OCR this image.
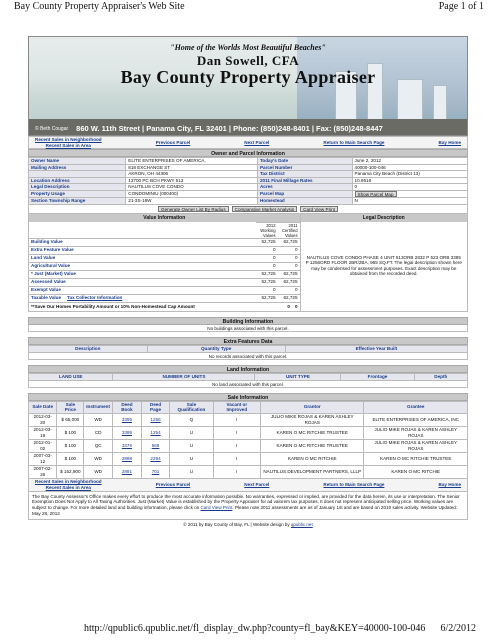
Bay County Property Appraiser's Web Site	Page 1 of 1
"Home of the Worlds Most Beautiful Beaches"
Dan Sowell, CFA
Bay County Property Appraiser
© Beth Cougar 860 W. 11th Street | Panama City, FL 32401 | Phone: (850)248-8401 | Fax: (850)248-8447
Recent Sales in Neighborhood
Recent Sales in Area
Previous Parcel	Next Parcel	Return to Main Search Page	Bay Home
Owner and Parcel Information
Owner Name	ELITE ENTERPRISES OF AMERICA,	Today's Date	June 2, 2012
Mailing Address	818 EXCHANGE ST	Parcel Number	40000-100-046
	AKRON, OH 44306	Tax District	Panama City Beach (District 13)
Location Address	13700 PC BCH PKWY 513	2011 Final Millage Rates	10.9518
Legal Description	NAUTILUS COVE CONDO	Acres	0
Property Usage	CONDOMINIU (000400)	Parcel Map	Show Parcel Map
Section Township Range	21-3S-16W	Homestead	N
Generate Owner List By Radius	Comparative Market Analysis	Card View Print
Value Information
	2012 Working Values	2011 Certified Values
Building Value	62,725	62,725
Extra Feature Value	0	0
Land Value	0	0
Agricultural Value	0	0
* Just (Market) Value	62,725	62,725
Assessed Value	62,725	62,725
Exempt Value	0	0
Taxable Value Tax Collector Information	62,725	62,725
**Save Our Homes Portability Amount or 10% Non-Homestead Cap Amount	0 0
Legal Description
NAUTILUS COVE CONDO PHASE 4 UNIT 513ORB 2832 P 523 ORB 3395 P 1256ORD FLOOR 2BR/2BA, 965 SQ.FT. The legal description shown here may be condensed for assessment purposes. Exact description may be obtained from the recorded deed.
Building Information
No buildings associated with this parcel.
Extra Features Data
Description	Quantity Type	Effective Year Built
No records associated with this parcel.
Land Information
LAND USE	NUMBER OF UNITS	UNIT TYPE	Frontage	Depth
No land associated with this parcel.
Sale Information
Sale Date	Sale Price	Instrument	Deed Book	Deed Page	Sale Qualification	Vacant or Improved	Grantor	Grantee
2012-03-20	$ 65,000	WD	3395	1256	Q	I	JULIO MIKE ROJAS & KAREN ASHLEY ROJAS	ELITE ENTERPRISES OF AMERICA, INC
2012-03-19	$ 100	CD	3395	1254	U	I	KAREN O MC RITCHIE TRUSTEE	JULIO MIKE ROJAS & KAREN ASHLEY ROJAS
2012-01-02	$ 100	QC	3376	566	U	I	KAREN O MC RITCHIE TRUSTEE	JULIO MIKE ROJAS & KAREN ASHLEY ROJAS
2007-03-12	$ 100	WD	2898	2294	U	I	KAREN O MC RITCHIE	KAREN O MC RITCHIE TRUSTEE
2007-02-26	$ 152,900	WD	2891	701	U	I	NAUTILUS DEVELOPMENT PARTNERS, LLLP	KAREN O MC RITCHIE
Recent Sales in Neighborhood
Recent Sales in Area
Previous Parcel	Next Parcel	Return to Main Search Page	Bay Home
The Bay County Assessor's Office makes every effort to produce the most accurate information possible. No warranties, expressed or implied, are provided for the data herein, its use or interpretation. The Senior Exemption Does Not Apply to All Taxing Authorities. Just (Market) Value is established by the Property Appraiser for ad valorem tax purposes. It does not represent anticipated selling price. Working values are subject to change. For more detailed land and building information, please click on Card View Print. Please note 2011 assessments are as of January 1st and are based on 2010 sales activity. Website Updated: May 28, 2012
© 2011 by Bay County of Bay, FL | Website design by qpublic.net
http://qpublic6.qpublic.net/fl_display_dw.php?county=fl_bay&KEY=40000-100-046 6/2/2012
